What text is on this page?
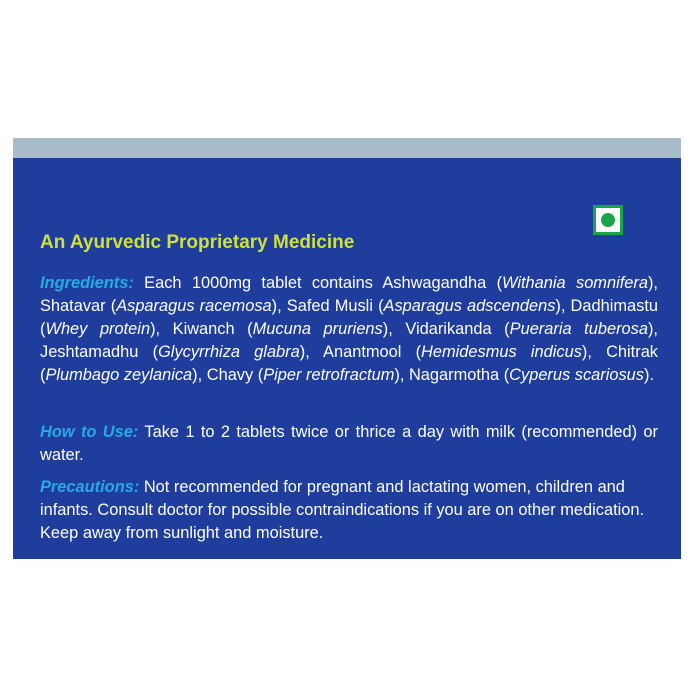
An Ayurvedic Proprietary Medicine

Ingredients: Each 1000mg tablet contains Ashwagandha (Withania somnifera), Shatavar (Asparagus racemosa), Safed Musli (Asparagus adscendens), Dadhimastu (Whey protein), Kiwanch (Mucuna pruriens), Vidarikanda (Pueraria tuberosa), Jeshtamadhu (Glycyrrhiza glabra), Anantmool (Hemidesmus indicus), Chitrak (Plumbago zeylanica), Chavy (Piper retrofractum), Nagarmotha (Cyperus scariosus).

How to Use: Take 1 to 2 tablets twice or thrice a day with milk (recommended) or water.

Precautions: Not recommended for pregnant and lactating women, children and infants. Consult doctor for possible contraindications if you are on other medication. Keep away from sunlight and moisture.
